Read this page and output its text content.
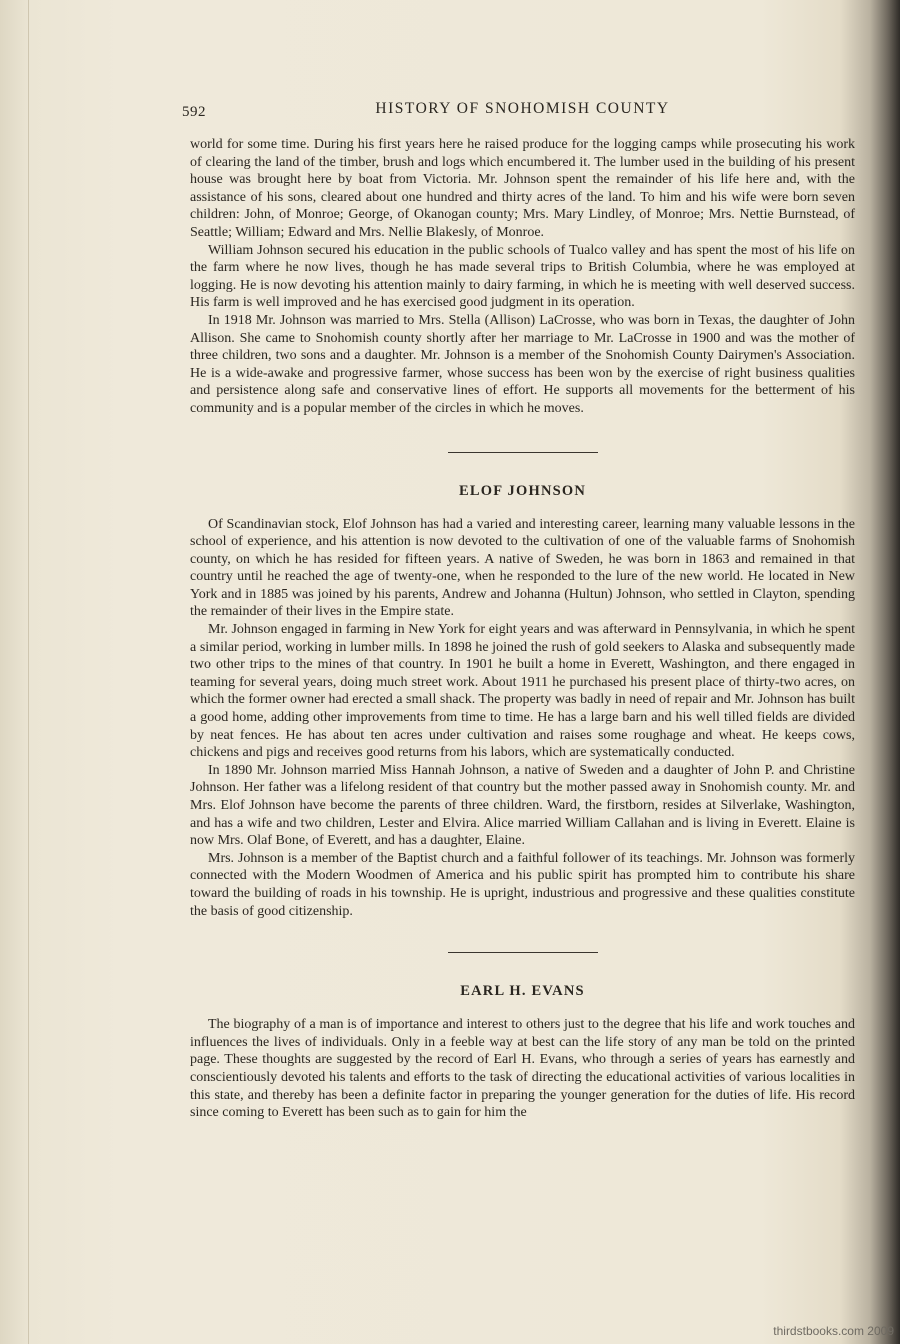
592	HISTORY OF SNOHOMISH COUNTY

world for some time. During his first years here he raised produce for the logging camps while prosecuting his work of clearing the land of the timber, brush and logs which encumbered it. The lumber used in the building of his present house was brought here by boat from Victoria. Mr. Johnson spent the remainder of his life here and, with the assistance of his sons, cleared about one hundred and thirty acres of the land. To him and his wife were born seven children: John, of Monroe; George, of Okanogan county; Mrs. Mary Lindley, of Monroe; Mrs. Nettie Burnstead, of Seattle; William; Edward and Mrs. Nellie Blakesly, of Monroe.

William Johnson secured his education in the public schools of Tualco valley and has spent the most of his life on the farm where he now lives, though he has made several trips to British Columbia, where he was employed at logging. He is now devoting his attention mainly to dairy farming, in which he is meeting with well deserved success. His farm is well improved and he has exercised good judgment in its operation.

In 1918 Mr. Johnson was married to Mrs. Stella (Allison) LaCrosse, who was born in Texas, the daughter of John Allison. She came to Snohomish county shortly after her marriage to Mr. LaCrosse in 1900 and was the mother of three children, two sons and a daughter. Mr. Johnson is a member of the Snohomish County Dairymen's Association. He is a wide-awake and progressive farmer, whose success has been won by the exercise of right business qualities and persistence along safe and conservative lines of effort. He supports all movements for the betterment of his community and is a popular member of the circles in which he moves.

ELOF JOHNSON

Of Scandinavian stock, Elof Johnson has had a varied and interesting career, learning many valuable lessons in the school of experience, and his attention is now devoted to the cultivation of one of the valuable farms of Snohomish county, on which he has resided for fifteen years. A native of Sweden, he was born in 1863 and remained in that country until he reached the age of twenty-one, when he responded to the lure of the new world. He located in New York and in 1885 was joined by his parents, Andrew and Johanna (Hultun) Johnson, who settled in Clayton, spending the remainder of their lives in the Empire state.

Mr. Johnson engaged in farming in New York for eight years and was afterward in Pennsylvania, in which he spent a similar period, working in lumber mills. In 1898 he joined the rush of gold seekers to Alaska and subsequently made two other trips to the mines of that country. In 1901 he built a home in Everett, Washington, and there engaged in teaming for several years, doing much street work. About 1911 he purchased his present place of thirty-two acres, on which the former owner had erected a small shack. The property was badly in need of repair and Mr. Johnson has built a good home, adding other improvements from time to time. He has a large barn and his well tilled fields are divided by neat fences. He has about ten acres under cultivation and raises some roughage and wheat. He keeps cows, chickens and pigs and receives good returns from his labors, which are systematically conducted.

In 1890 Mr. Johnson married Miss Hannah Johnson, a native of Sweden and a daughter of John P. and Christine Johnson. Her father was a lifelong resident of that country but the mother passed away in Snohomish county. Mr. and Mrs. Elof Johnson have become the parents of three children. Ward, the firstborn, resides at Silverlake, Washington, and has a wife and two children, Lester and Elvira. Alice married William Callahan and is living in Everett. Elaine is now Mrs. Olaf Bone, of Everett, and has a daughter, Elaine.

Mrs. Johnson is a member of the Baptist church and a faithful follower of its teachings. Mr. Johnson was formerly connected with the Modern Woodmen of America and his public spirit has prompted him to contribute his share toward the building of roads in his township. He is upright, industrious and progressive and these qualities constitute the basis of good citizenship.

EARL H. EVANS

The biography of a man is of importance and interest to others just to the degree that his life and work touches and influences the lives of individuals. Only in a feeble way at best can the life story of any man be told on the printed page. These thoughts are suggested by the record of Earl H. Evans, who through a series of years has earnestly and conscientiously devoted his talents and efforts to the task of directing the educational activities of various localities in this state, and thereby has been a definite factor in preparing the younger generation for the duties of life. His record since coming to Everett has been such as to gain for him the

thirdstbooks.com 2009
